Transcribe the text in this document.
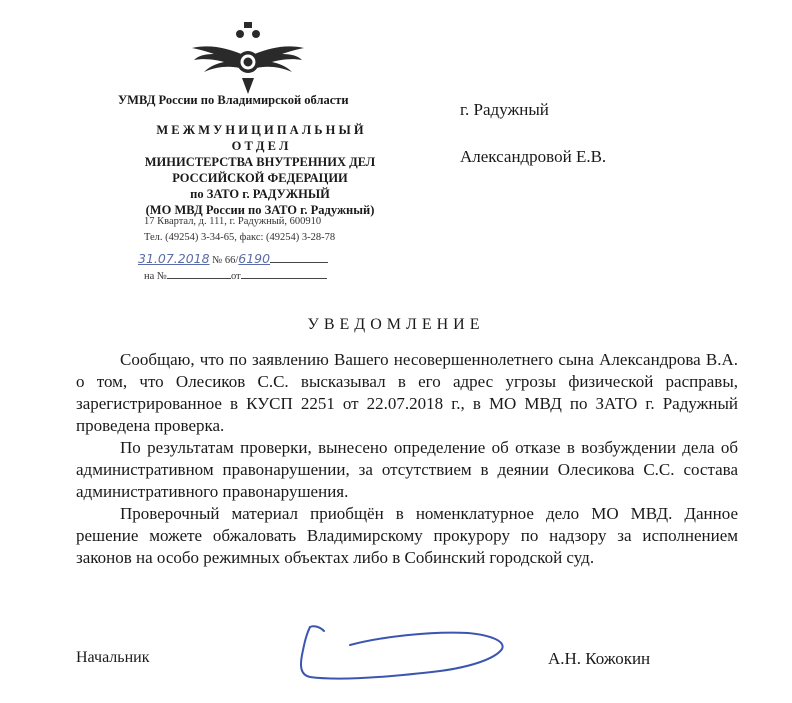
УМВД России по Владимирской области
М Е Ж М У Н И Ц И П А Л Ь Н Ы Й
О Т Д Е Л
МИНИСТЕРСТВА ВНУТРЕННИХ ДЕЛ
РОССИЙСКОЙ ФЕДЕРАЦИИ
по ЗАТО г. РАДУЖНЫЙ
(МО МВД России по ЗАТО г. Радужный)
17 Квартал, д. 111, г. Радужный, 600910
Тел. (49254) 3-34-65, факс: (49254) 3-28-78
31.07.2018 № 66/6190
на №	от
г. Радужный
Александровой Е.В.
УВЕДОМЛЕНИЕ

Сообщаю, что по заявлению Вашего несовершеннолетнего сына Александрова В.А. о том, что Олесиков С.С. высказывал в его адрес угрозы физической расправы, зарегистрированное в КУСП 2251 от 22.07.2018 г., в МО МВД по ЗАТО г. Радужный проведена проверка.

По результатам проверки, вынесено определение об отказе в возбуждении дела об административном правонарушении, за отсутствием в деянии Олесикова С.С. состава административного правонарушения.

Проверочный материал приобщён в номенклатурное дело МО МВД. Данное решение можете обжаловать Владимирскому прокурору по надзору за исполнением законов на особо режимных объектах либо в Собинский городской суд.

Начальник	А.Н. Кожокин
